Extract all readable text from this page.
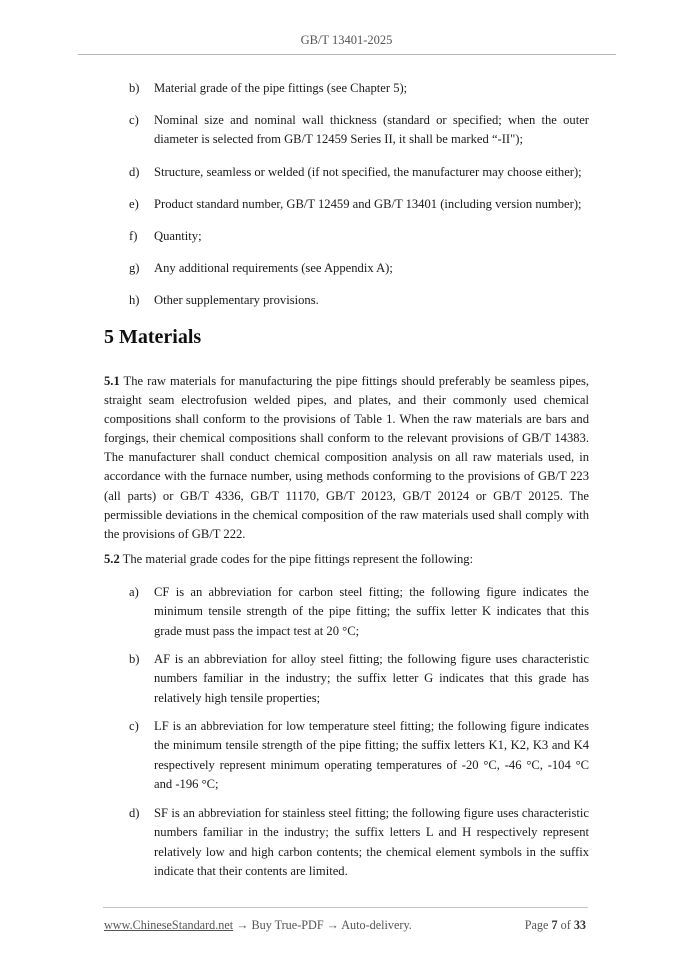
GB/T 13401-2025
b)	Material grade of the pipe fittings (see Chapter 5);
c)	Nominal size and nominal wall thickness (standard or specified; when the outer diameter is selected from GB/T 12459 Series II, it shall be marked “-II");
d)	Structure, seamless or welded (if not specified, the manufacturer may choose either);
e)	Product standard number, GB/T 12459 and GB/T 13401 (including version number);
f)	Quantity;
g)	Any additional requirements (see Appendix A);
h)	Other supplementary provisions.
5 Materials
5.1 The raw materials for manufacturing the pipe fittings should preferably be seamless pipes, straight seam electrofusion welded pipes, and plates, and their commonly used chemical compositions shall conform to the provisions of Table 1. When the raw materials are bars and forgings, their chemical compositions shall conform to the relevant provisions of GB/T 14383. The manufacturer shall conduct chemical composition analysis on all raw materials used, in accordance with the furnace number, using methods conforming to the provisions of GB/T 223 (all parts) or GB/T 4336, GB/T 11170, GB/T 20123, GB/T 20124 or GB/T 20125. The permissible deviations in the chemical composition of the raw materials used shall comply with the provisions of GB/T 222.
5.2 The material grade codes for the pipe fittings represent the following:
a)	CF is an abbreviation for carbon steel fitting; the following figure indicates the minimum tensile strength of the pipe fitting; the suffix letter K indicates that this grade must pass the impact test at 20 °C;
b)	AF is an abbreviation for alloy steel fitting; the following figure uses characteristic numbers familiar in the industry; the suffix letter G indicates that this grade has relatively high tensile properties;
c)	LF is an abbreviation for low temperature steel fitting; the following figure indicates the minimum tensile strength of the pipe fitting; the suffix letters K1, K2, K3 and K4 respectively represent minimum operating temperatures of -20 °C, -46 °C, -104 °C and -196 °C;
d)	SF is an abbreviation for stainless steel fitting; the following figure uses characteristic numbers familiar in the industry; the suffix letters L and H respectively represent relatively low and high carbon contents; the chemical element symbols in the suffix indicate that their contents are limited.
www.ChineseStandard.net → Buy True-PDF → Auto-delivery.	Page 7 of 33
